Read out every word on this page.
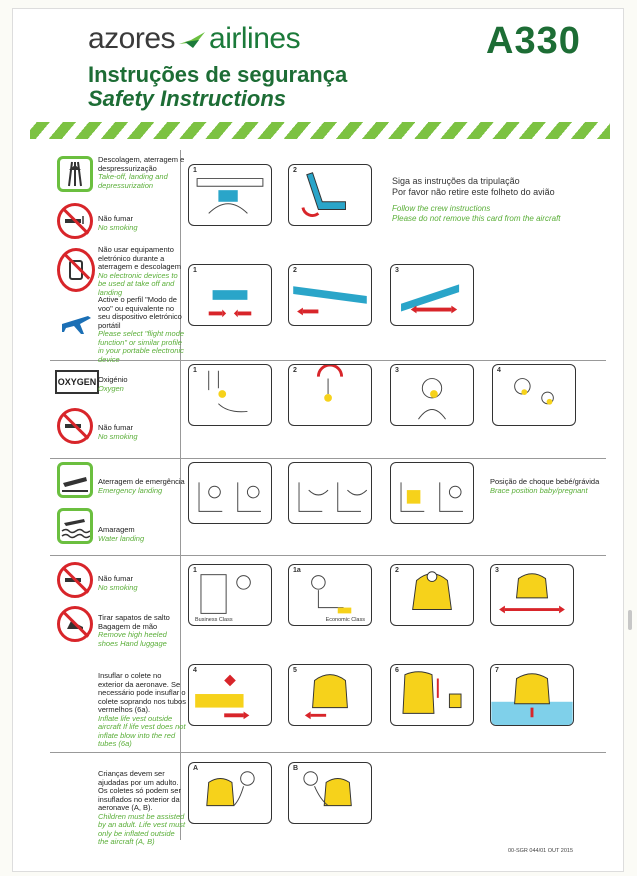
azores airlines	A330
Instruções de segurança
Safety Instructions
Descolagem, aterragem e despressurização
Take-off, landing and depressurization
Não fumar
No smoking
Não usar equipamento eletrónico durante a aterragem e descolagem
No electronic devices to be used at take off and landing
Active o perfil "Modo de voo" ou equivalente no seu dispositivo eletrónico portátil
Please select "flight mode function" or similar profile in your portable electronic device
1	2
Siga as instruções da tripulação
Por favor não retire este folheto do avião
Follow the crew instructions
Please do not remove this card from the aircraft
1	2	3
OXYGEN Oxigénio
Oxygen
Não fumar
No smoking
1	2	3	4
Aterragem de emergência
Emergency landing
Amaragem
Water landing
Posição de choque bebé/grávida
Brace position baby/pregnant
Não fumar
No smoking
Tirar sapatos de salto Bagagem de mão
Remove high heeled shoes Hand luggage
1
Business Class
1a
Economic Class
2	3
Insuflar o colete no exterior da aeronave. Se necessário pode insuflar o colete soprando nos tubos vermelhos (6a).
Inflate life vest outside aircraft If life vest does not inflate blow into the red tubes (6a)
4	5	6	7
Crianças devem ser ajudadas por um adulto. Os coletes só podem ser insuflados no exterior da aeronave (A, B).
Children must be assisted by an adult. Life vest must only be inflated outside the aircraft (A, B)
A	B
00-SGR 044/01 OUT 2015
